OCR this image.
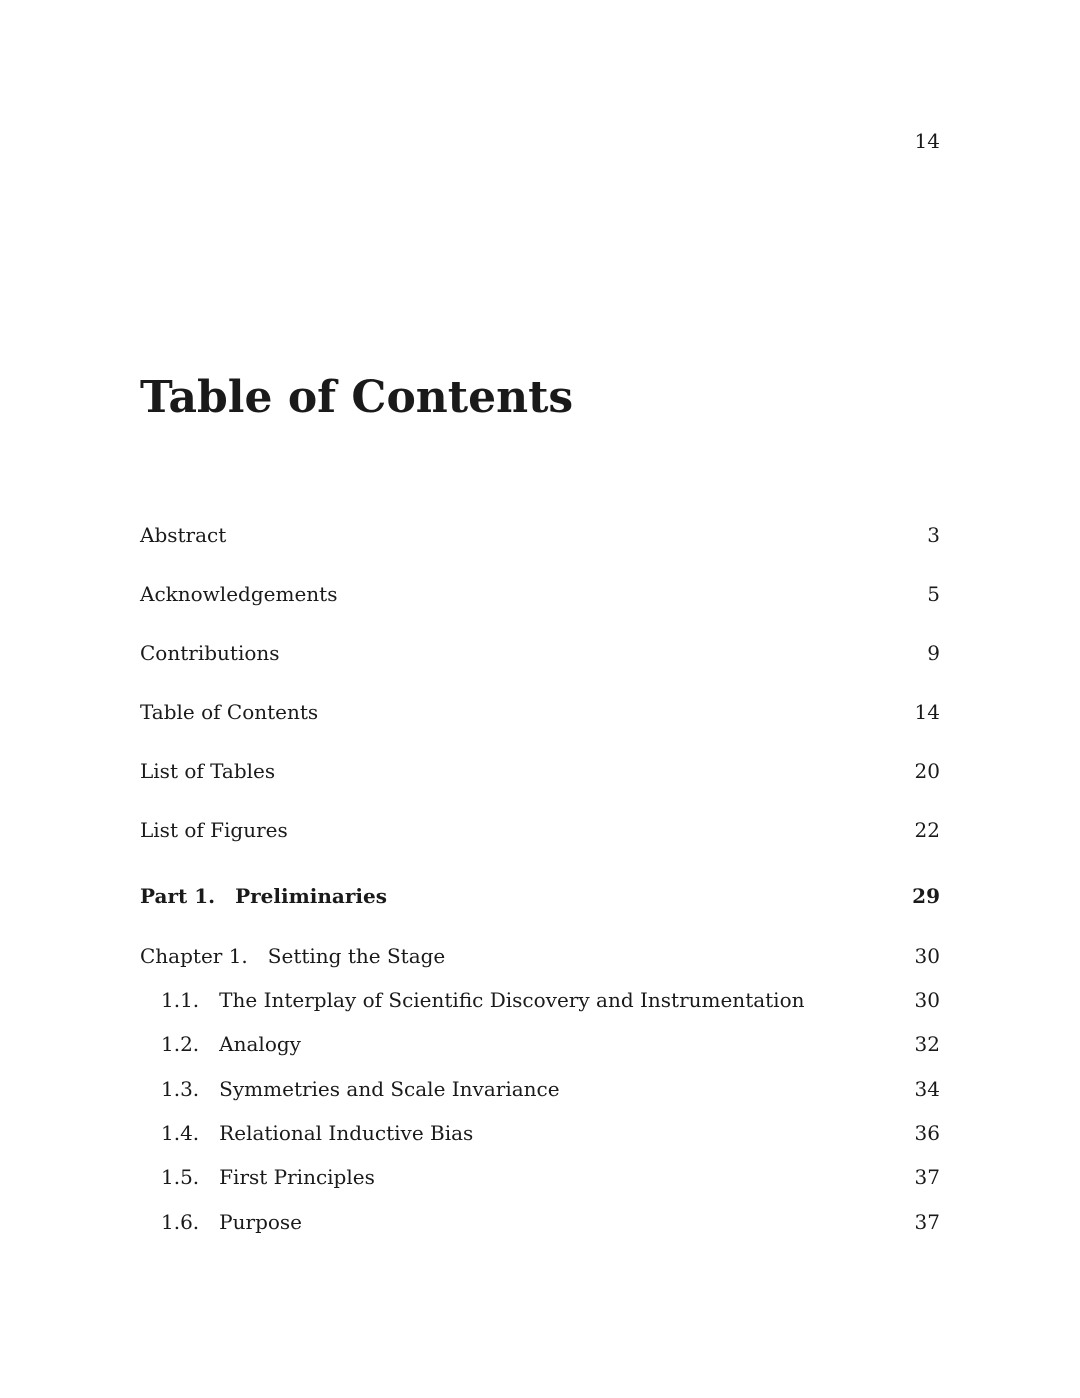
14
Table of Contents
Abstract	3
Acknowledgements	5
Contributions	9
Table of Contents	14
List of Tables	20
List of Figures	22
Part 1. Preliminaries	29
Chapter 1. Setting the Stage	30
1.1. The Interplay of Scientific Discovery and Instrumentation	30
1.2. Analogy	32
1.3. Symmetries and Scale Invariance	34
1.4. Relational Inductive Bias	36
1.5. First Principles	37
1.6. Purpose	37
